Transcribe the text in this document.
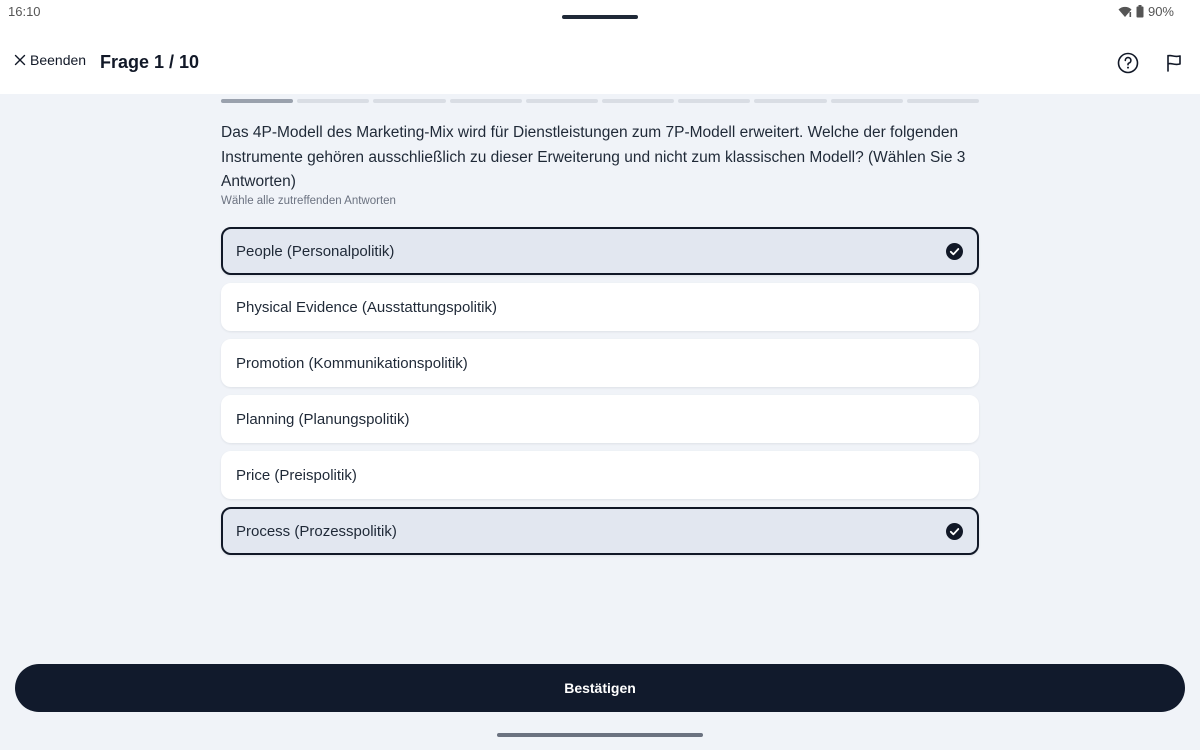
16:10	90%
Beenden Frage 1 / 10
Das 4P-Modell des Marketing-Mix wird für Dienstleistungen zum 7P-Modell erweitert. Welche der folgenden Instrumente gehören ausschließlich zu dieser Erweiterung und nicht zum klassischen Modell? (Wählen Sie 3 Antworten)
Wähle alle zutreffenden Antworten
People (Personalpolitik)
Physical Evidence (Ausstattungspolitik)
Promotion (Kommunikationspolitik)
Planning (Planungspolitik)
Price (Preispolitik)
Process (Prozesspolitik)
Bestätigen
